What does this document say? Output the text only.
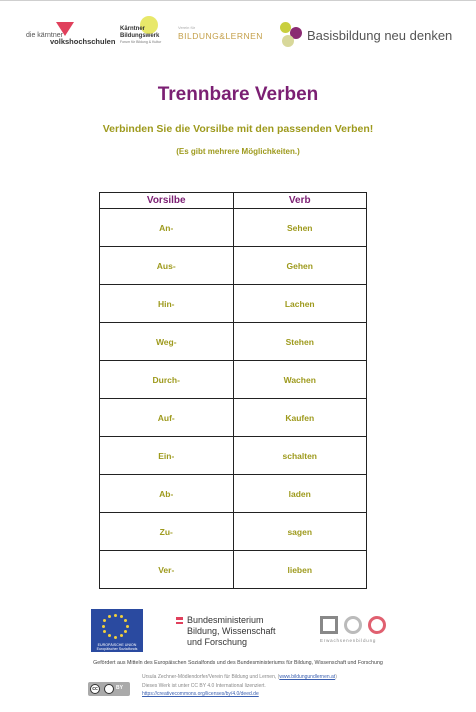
die kärntner
volkshochschulen
Kärntner
Bildungswerk
Forum für Bildung & Kultur
Verein für
BILDUNG&LERNEN	Basisbildung neu denken
Trennbare Verben
Verbinden Sie die Vorsilbe mit den passenden Verben!
(Es gibt mehrere Möglichkeiten.)
Vorsilbe	Verb
An-	Sehen
Aus-	Gehen
Hin-	Lachen
Weg-	Stehen
Durch-	Wachen
Auf-	Kaufen
Ein-	schalten
Ab-	laden
Zu-	sagen
Ver-	lieben
EUROPÄISCHE UNION Europäischer Sozialfonds
Bundesministerium
Bildung, Wissenschaft
und Forschung	Erwachsenenbildung
Gefördert aus Mitteln des Europäischen Sozialfonds und des Bundesministeriums für Bildung, Wissenschaft und Forschung
cc	BY
Ursula Zechner-Mödlendorfer/Verein für Bildung und Lernen, (www.bildungundlernen.at)
Dieses Werk ist unter CC BY 4.0 International lizenziert.
https://creativecommons.org/licenses/by/4.0/deed.de
